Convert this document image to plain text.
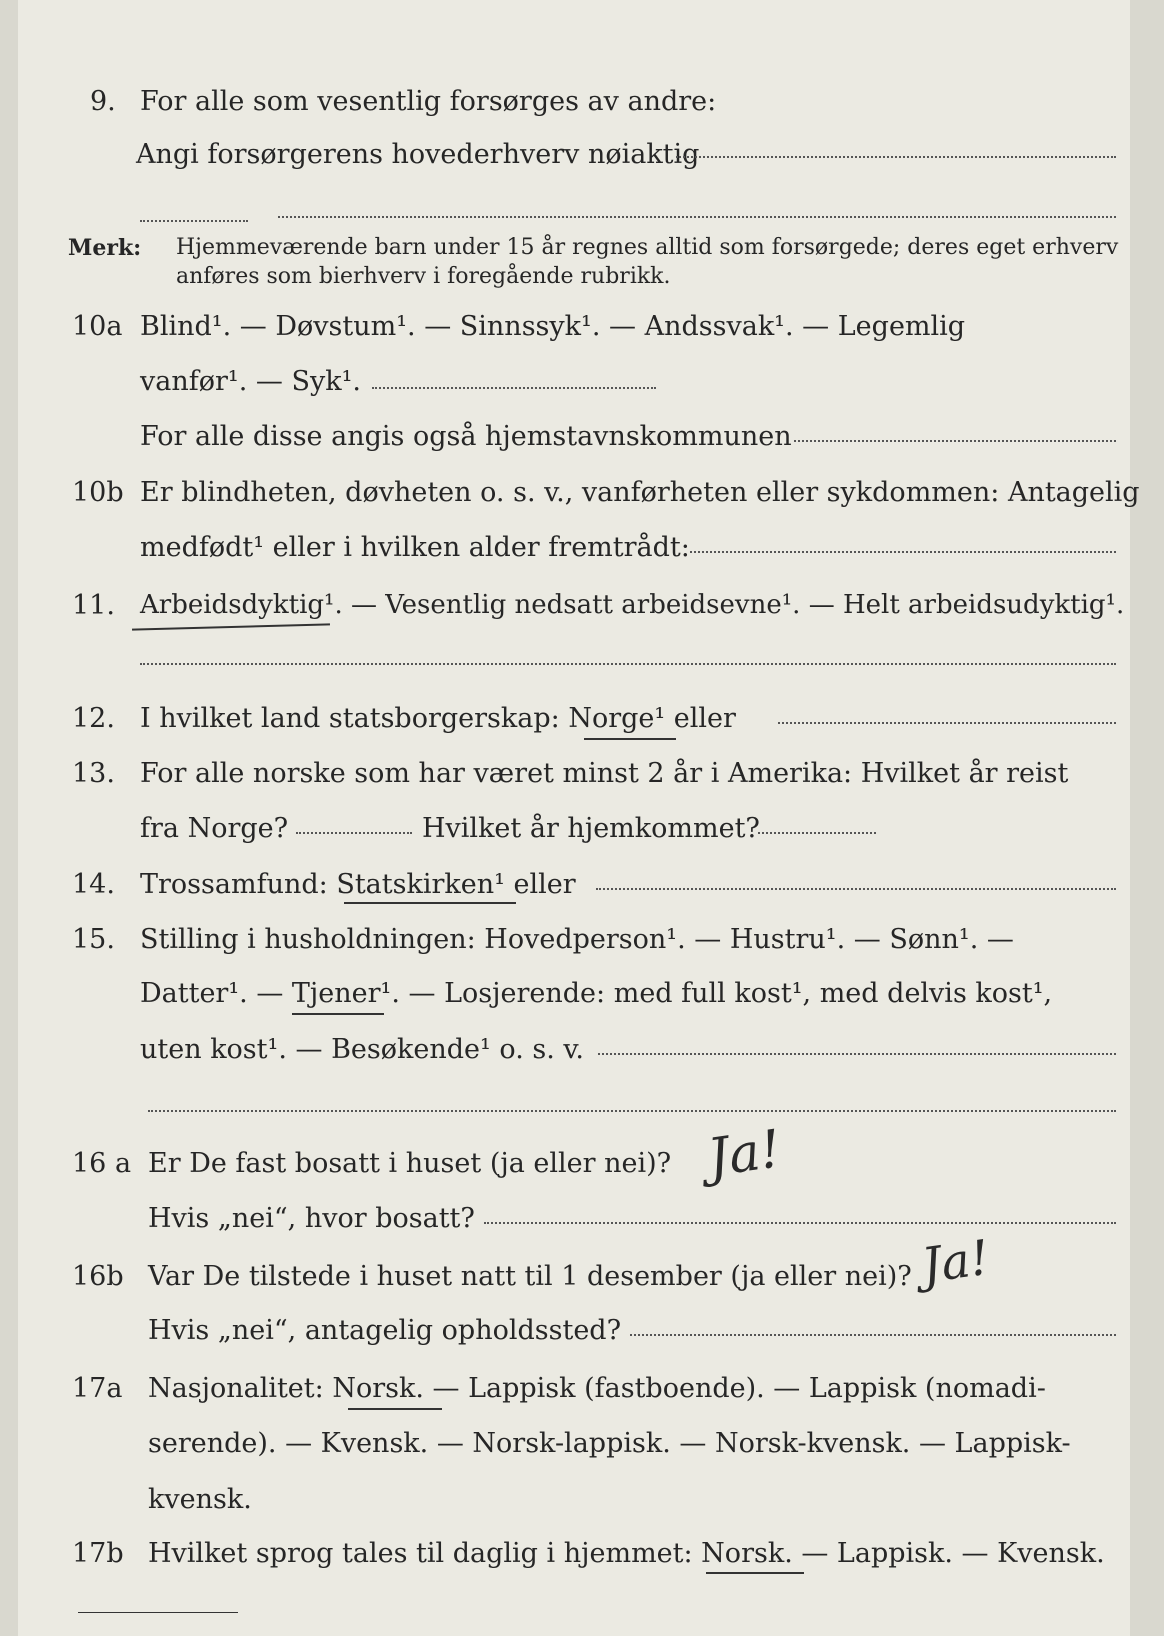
9. For alle som vesentlig forsørges av andre:
Angi forsørgerens hovederhverv nøiaktig
Merk: Hjemmeværende barn under 15 år regnes alltid som forsørgede; deres eget erhverv
anføres som bierhverv i foregående rubrikk.
10a Blind¹. — Døvstum¹. — Sinnssyk¹. — Andssvak¹. — Legemlig
vanfør¹. — Syk¹.
For alle disse angis også hjemstavnskommunen
10b Er blindheten, døvheten o. s. v., vanførheten eller sykdommen: Antagelig
medfødt¹ eller i hvilken alder fremtrådt:
11. Arbeidsdyktig¹. — Vesentlig nedsatt arbeidsevne¹. — Helt arbeidsudyktig¹.
12. I hvilket land statsborgerskap: Norge¹ eller
13. For alle norske som har været minst 2 år i Amerika: Hvilket år reist
fra Norge?	Hvilket år hjemkommet?
14. Trossamfund: Statskirken¹ eller
15. Stilling i husholdningen: Hovedperson¹. — Hustru¹. — Sønn¹. —
Datter¹. — Tjener¹. — Losjerende: med full kost¹, med delvis kost¹,
uten kost¹. — Besøkende¹ o. s. v.
16 a Er De fast bosatt i huset (ja eller nei)? Ja!
Hvis „nei“, hvor bosatt?
16b Var De tilstede i huset natt til 1 desember (ja eller nei)? Ja!
Hvis „nei“, antagelig opholdssted?
17a Nasjonalitet: Norsk. — Lappisk (fastboende). — Lappisk (nomadi-
serende). — Kvensk. — Norsk-lappisk. — Norsk-kvensk. — Lappisk-
kvensk.
17b Hvilket sprog tales til daglig i hjemmet: Norsk. — Lappisk. — Kvensk.
